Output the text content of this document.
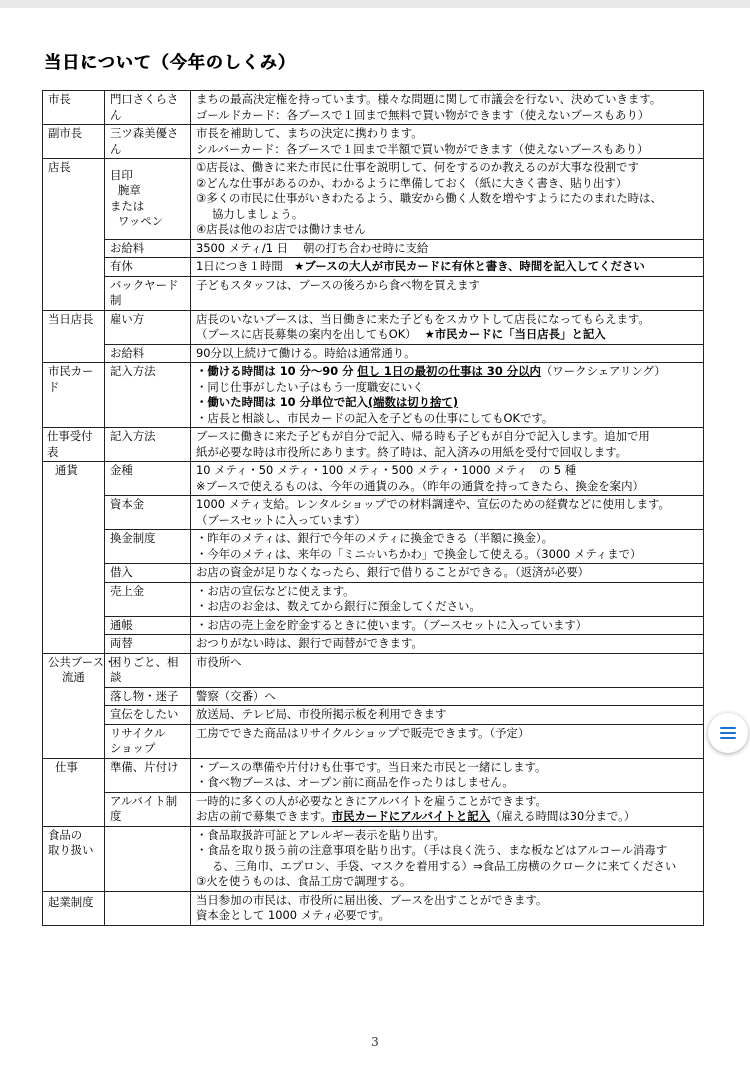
当日について（今年のしくみ）
市長	門口さくらさん	まちの最高決定権を持っています。様々な問題に関して市議会を行ない、決めていきます。
ゴールドカード：各ブースで１回まで無料で買い物ができます（使えないブースもあり）

副市長	三ツ森美優さ
ん	市長を補助して、まちの決定に携わります。
シルバーカード：各ブースで１回まで半額で買い物ができます（使えないブースもあり）

店長	目印
腕章
または
ワッペン	①店長は、働きに来た市民に仕事を説明して、何をするのか教えるのが大事な役割です
②どんな仕事があるのか、わかるように準備しておく（紙に大きく書き、貼り出す）
③多くの市民に仕事がいきわたるよう、職安から働く人数を増やすようにたのまれた時は、
協力しましょう。
④店長は他のお店では働けません

	お給料	3500 メティ/1 日　 朝の打ち合わせ時に支給
	有休	1日につき１時間　★ブースの大人が市民カードに有休と書き、時間を記入してください

	バックヤード
制	子どもスタッフは、ブースの後ろから食べ物を買えます
当日店長	雇い方	店長のいないブースは、当日働きに来た子どもをスカウトして店長になってもらえます。
（ブースに店長募集の案内を出してもOK） ★市民カードに「当日店長」と記入

	お給料	90分以上続けて働ける。時給は通常通り。
市民カード	記入方法	・働ける時間は 10 分～90 分 但し 1日の最初の仕事は 30 分以内（ワークシェアリング）
・同じ仕事がしたい子はもう一度職安にいく
・働いた時間は 10 分単位で記入(端数は切り捨て)
・店長と相談し、市民カードの記入を子どもの仕事にしてもOKです。

仕事受付表	記入方法	ブースに働きに来た子どもが自分で記入、帰る時も子どもが自分で記入します。追加で用
紙が必要な時は市役所にあります。終了時は、記入済みの用紙を受付で回収します。

通貨	金種	10 メティ・50 メティ・100 メティ・500 メティ・1000 メティ　の 5 種
※ブースで使えるものは、今年の通貨のみ。（昨年の通貨を持ってきたら、換金を案内）

	資本金	1000 メティ支給。レンタルショップでの材料調達や、宣伝のための経費などに使用します。
（ブースセットに入っています）

	換金制度	・昨年のメティは、銀行で今年のメティに換金できる（半額に換金）。
・今年のメティは、来年の「ミニ☆いちかわ」で換金して使える。（3000 メティまで）

	借入	お店の資金が足りなくなったら、銀行で借りることができる。（返済が必要）
	売上金	・お店の宣伝などに使えます。
・お店のお金は、数えてから銀行に預金してください。

	通帳	・お店の売上金を貯金するときに使います。（ブースセットに入っています）
	両替	おつりがない時は、銀行で両替ができます。

公共ブース・
流通	困りごと、相
談	市役所へ
	落し物・迷子	警察（交番）へ
	宣伝をしたい	放送局、テレビ局、市役所掲示板を利用できます

	リサイクル
ショップ	工房でできた商品はリサイクルショップで販売できます。（予定）
仕事	準備、片付け	・ブースの準備や片付けも仕事です。当日来た市民と一緒にします。
・食べ物ブースは、オープン前に商品を作ったりはしません。

	アルバイト制
度	一時的に多くの人が必要なときにアルバイトを雇うことができます。
お店の前で募集できます。市民カードにアルバイトと記入（雇える時間は30分まで。）

食品の
取り扱い		・食品取扱許可証とアレルギー表示を貼り出す。
・食品を取り扱う前の注意事項を貼り出す。（手は良く洗う、まな板などはアルコール消毒す
る、三角巾、エプロン、手袋、マスクを着用する）⇒食品工房横のクロークに来てください
③火を使うものは、食品工房で調理する。

起業制度		当日参加の市民は、市役所に届出後、ブースを出すことができます。
資本金として 1000 メティ必要です。
3
